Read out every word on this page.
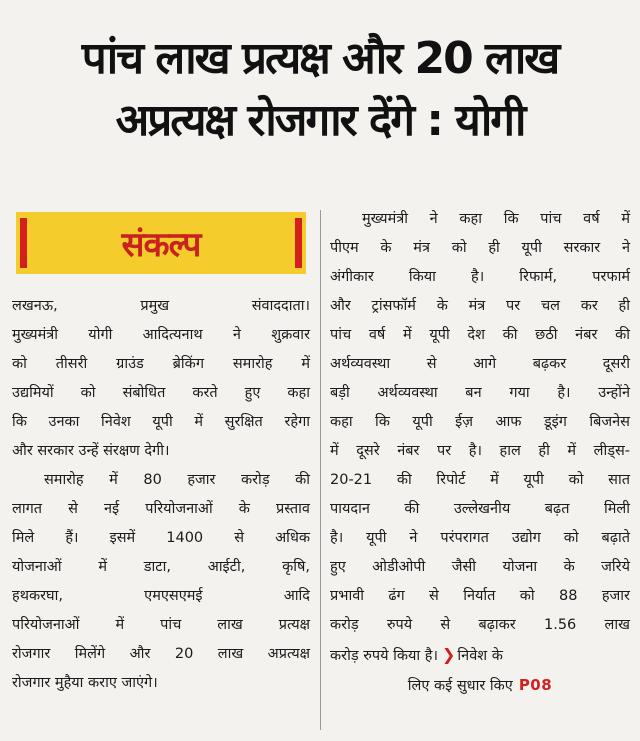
पांच लाख प्रत्यक्ष और 20 लाख
अप्रत्यक्ष रोजगार देंगे : योगी
संकल्प

लखनऊ, प्रमुख संवाददाता।

मुख्यमंत्री योगी आदित्यनाथ ने शुक्रवार

को तीसरी ग्राउंड ब्रेकिंग समारोह में

उद्यमियों को संबोधित करते हुए कहा

कि उनका निवेश यूपी में सुरक्षित रहेगा

और सरकार उन्हें संरक्षण देगी।

समारोह में 80 हजार करोड़ की

लागत से नई परियोजनाओं के प्रस्ताव

मिले हैं। इसमें 1400 से अधिक

योजनाओं में डाटा, आईटी, कृषि,

हथकरघा, एमएसएमई आदि

परियोजनाओं में पांच लाख प्रत्यक्ष

रोजगार मिलेंगे और 20 लाख अप्रत्यक्ष

रोजगार मुहैया कराए जाएंगे।

मुख्यमंत्री ने कहा कि पांच वर्ष में

पीएम के मंत्र को ही यूपी सरकार ने

अंगीकार किया है। रिफार्म, परफार्म

और ट्रांसफॉर्म के मंत्र पर चल कर ही

पांच वर्ष में यूपी देश की छठी नंबर की

अर्थव्यवस्था से आगे बढ़कर दूसरी

बड़ी अर्थव्यवस्था बन गया है। उन्होंने

कहा कि यूपी ईज़ आफ डूइंग बिजनेस

में दूसरे नंबर पर है। हाल ही में लीड्स-

20-21 की रिपोर्ट में यूपी को सात

पायदान की उल्लेखनीय बढ़त मिली

है। यूपी ने परंपरागत उद्योग को बढ़ाते

हुए ओडीओपी जैसी योजना के जरिये

प्रभावी ढंग से निर्यात को 88 हजार

करोड़ रुपये से बढ़ाकर 1.56 लाख

करोड़ रुपये किया है। ❯ निवेश के

लिए कई सुधार किए P08
